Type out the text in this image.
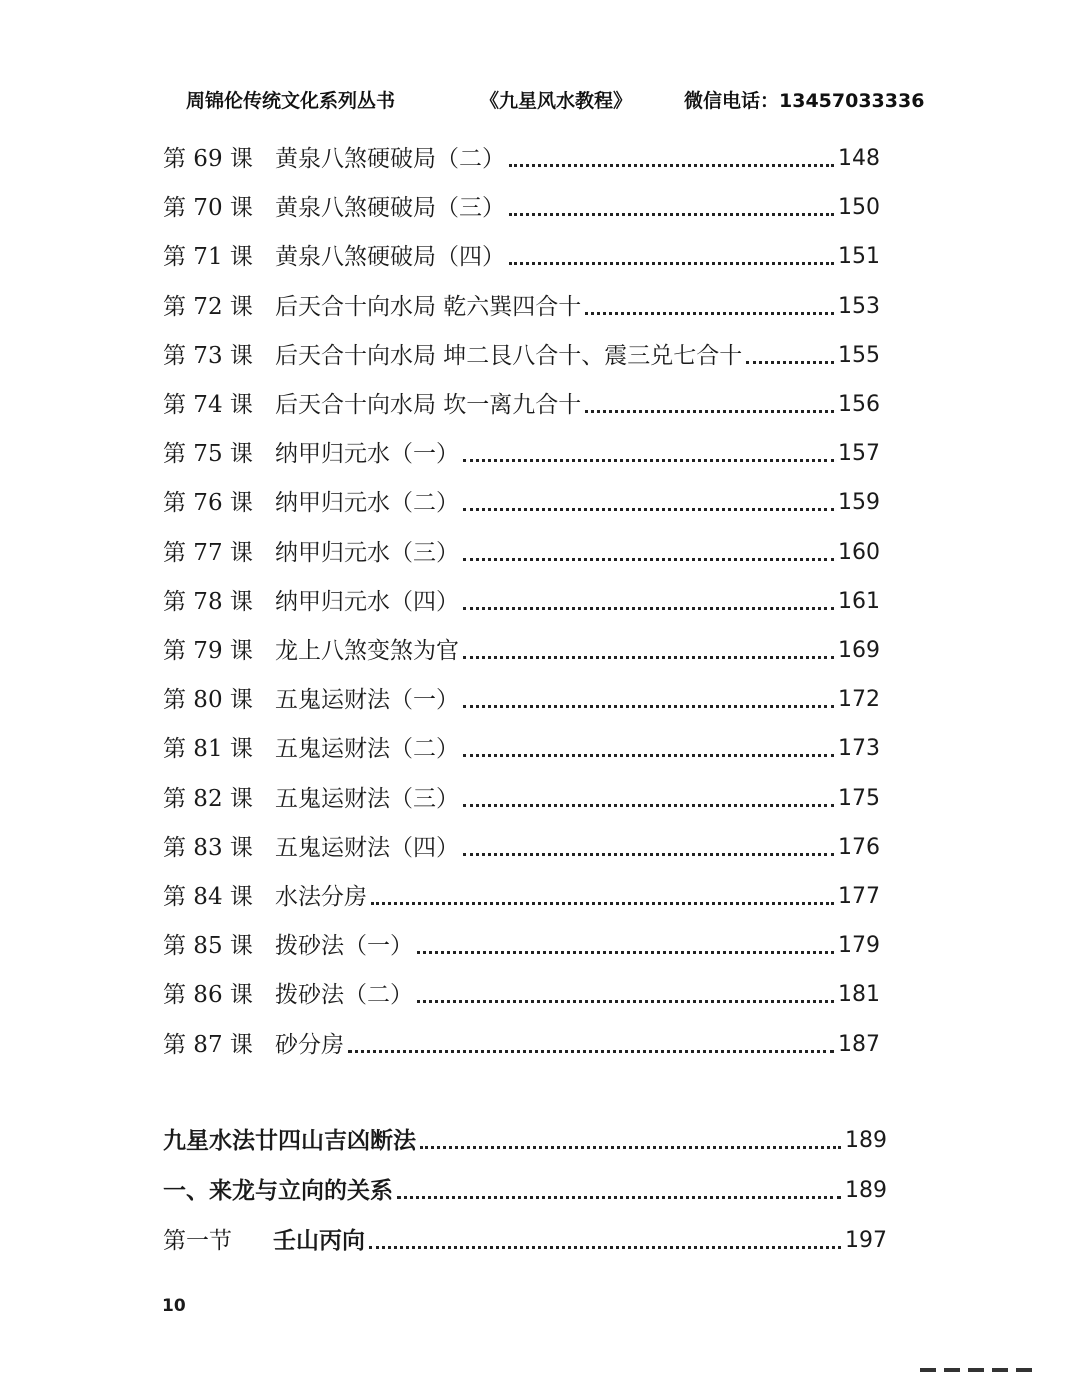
周锦伦传统文化系列丛书	《九星风水教程》	微信电话：13457033336
第 69 课 黄泉八煞硬破局（二）	148
第 70 课 黄泉八煞硬破局（三）	150
第 71 课 黄泉八煞硬破局（四）	151
第 72 课 后天合十向水局 乾六巽四合十	153
第 73 课 后天合十向水局 坤二艮八合十、震三兑七合十	155
第 74 课 后天合十向水局 坎一离九合十	156
第 75 课 纳甲归元水（一）	157
第 76 课 纳甲归元水（二）	159
第 77 课 纳甲归元水（三）	160
第 78 课 纳甲归元水（四）	161
第 79 课 龙上八煞变煞为官	169
第 80 课 五鬼运财法（一）	172
第 81 课 五鬼运财法（二）	173
第 82 课 五鬼运财法（三）	175
第 83 课 五鬼运财法（四）	176
第 84 课 水法分房	177
第 85 课 拨砂法（一）	179
第 86 课 拨砂法（二）	181
第 87 课 砂分房	187
九星水法廿四山吉凶断法	189
一、来龙与立向的关系	189
第一节	壬山丙向	197
10
